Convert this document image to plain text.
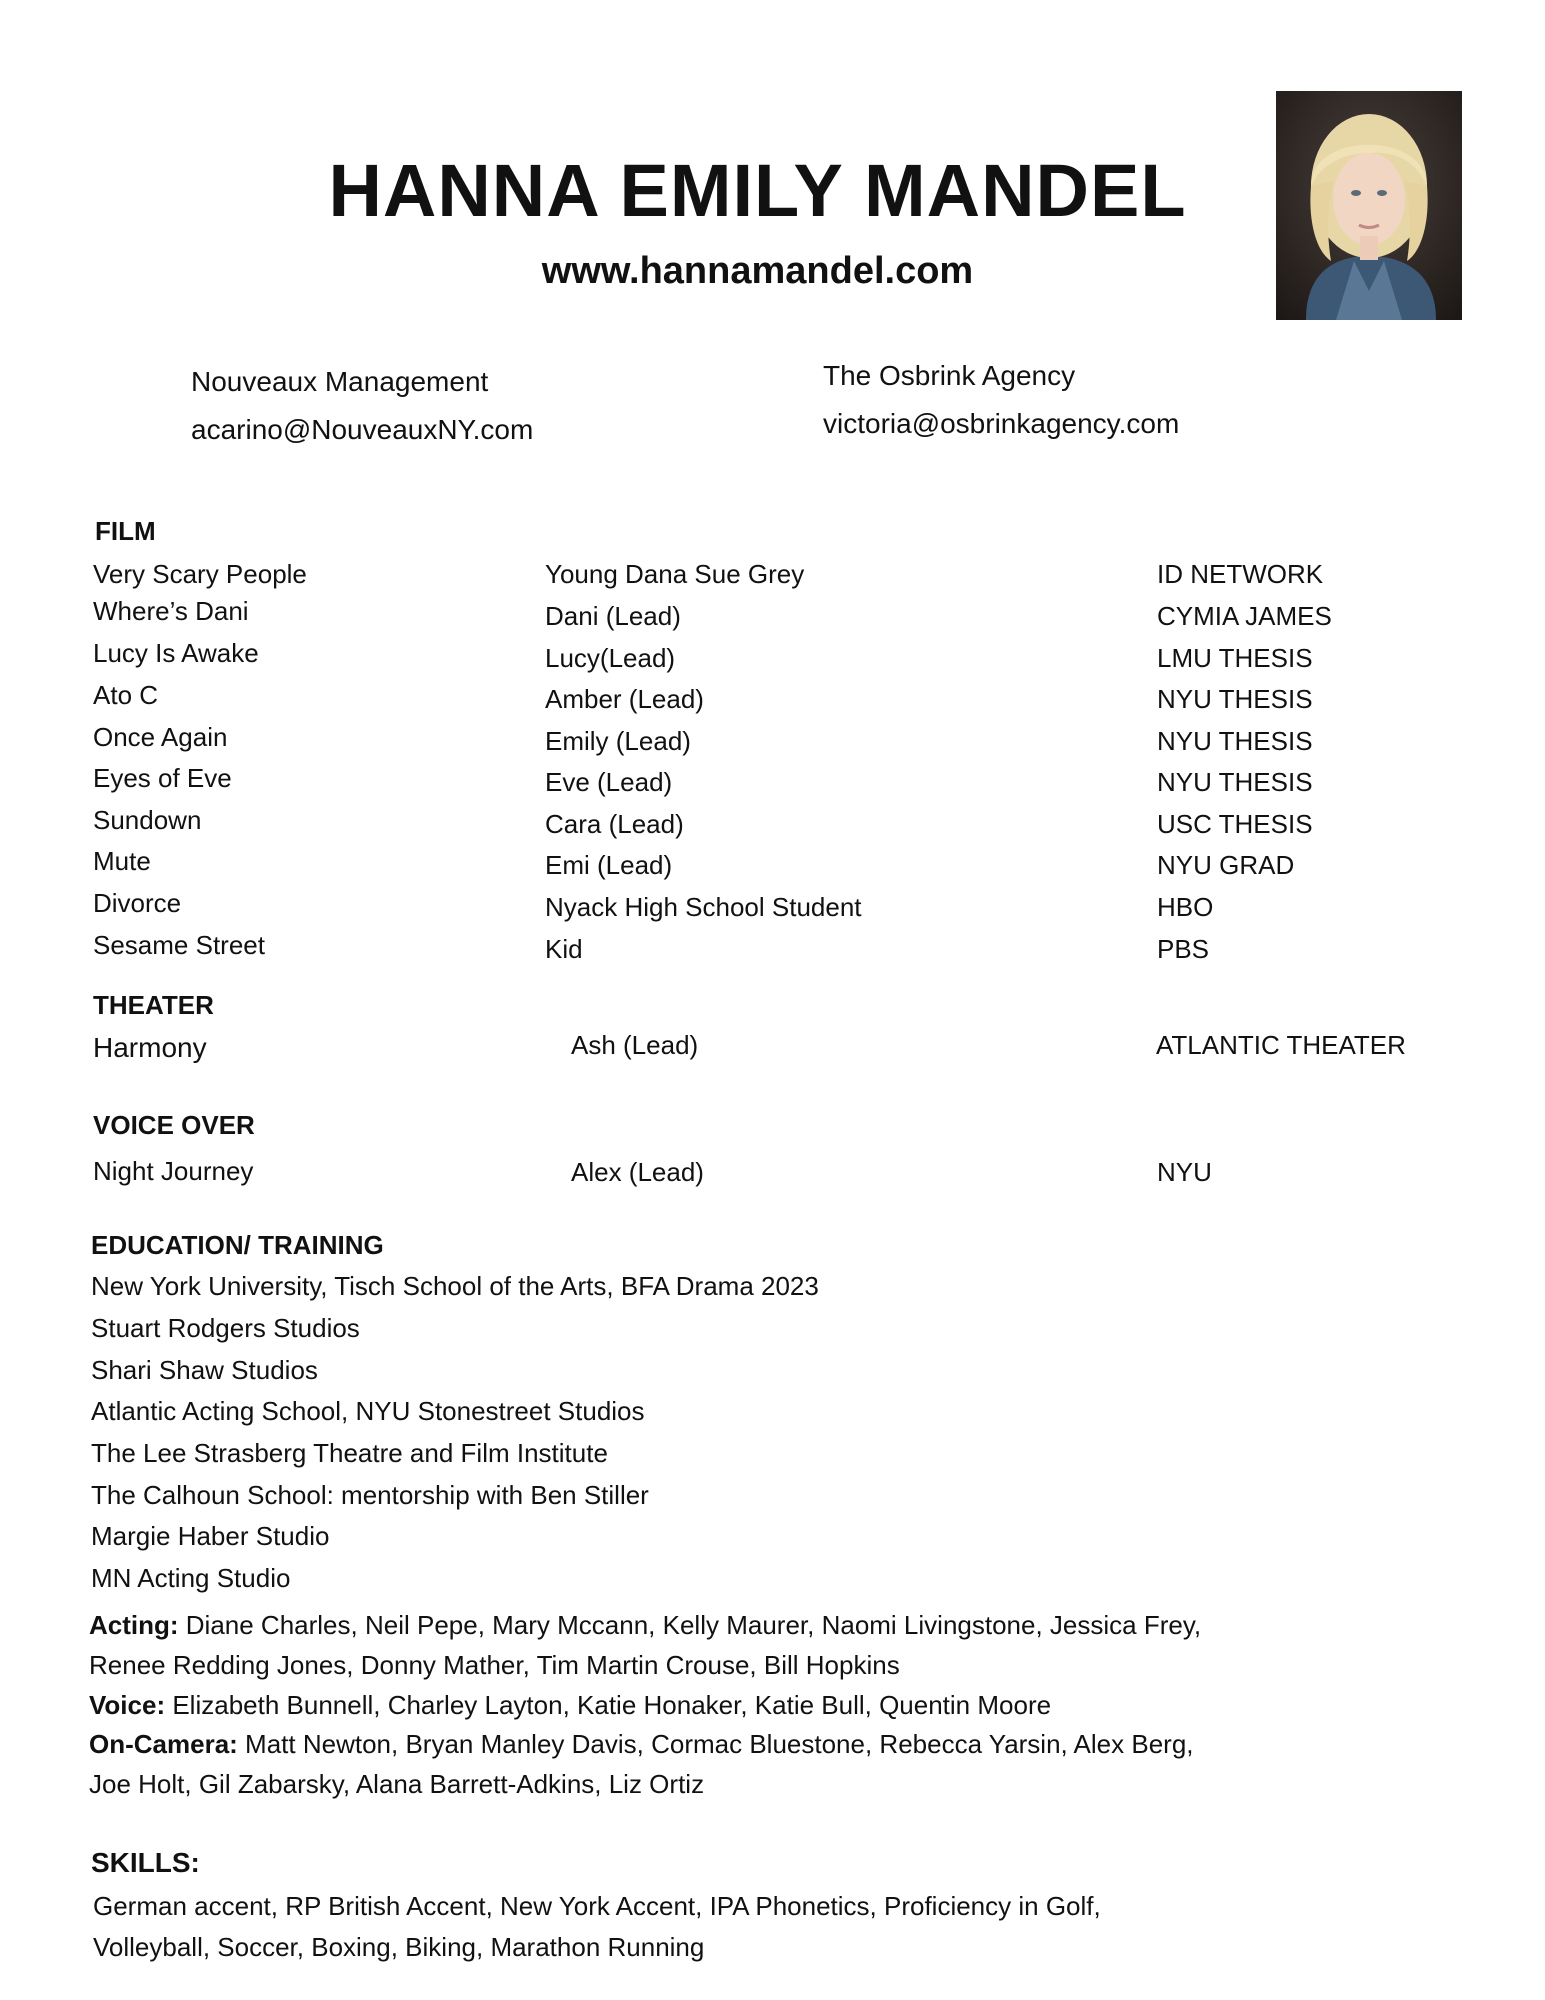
HANNA EMILY MANDEL
www.hannamandel.com
Nouveaux Management
acarino@NouveauxNY.com
The Osbrink Agency
victoria@osbrinkagency.com
FILM
Very Scary People	Young Dana Sue Grey	ID NETWORK
Where’s Dani	Dani (Lead)	CYMIA JAMES
Lucy Is Awake	Lucy(Lead)	LMU THESIS
Ato C	Amber (Lead)	NYU THESIS
Once Again	Emily (Lead)	NYU THESIS
Eyes of Eve	Eve (Lead)	NYU THESIS
Sundown	Cara (Lead)	USC THESIS
Mute	Emi (Lead)	NYU GRAD
Divorce	Nyack High School Student	HBO
Sesame Street	Kid	PBS
THEATER
Harmony	Ash (Lead)	ATLANTIC THEATER
VOICE OVER
Night Journey	Alex (Lead)	NYU
EDUCATION/ TRAINING
New York University, Tisch School of the Arts, BFA Drama 2023
Stuart Rodgers Studios
Shari Shaw Studios
Atlantic Acting School, NYU Stonestreet Studios
The Lee Strasberg Theatre and Film Institute
The Calhoun School: mentorship with Ben Stiller
Margie Haber Studio
MN Acting Studio
Acting: Diane Charles, Neil Pepe, Mary Mccann, Kelly Maurer, Naomi Livingstone, Jessica Frey,
Renee Redding Jones, Donny Mather, Tim Martin Crouse, Bill Hopkins
Voice: Elizabeth Bunnell, Charley Layton, Katie Honaker, Katie Bull, Quentin Moore
On-Camera: Matt Newton, Bryan Manley Davis, Cormac Bluestone, Rebecca Yarsin, Alex Berg,
Joe Holt, Gil Zabarsky, Alana Barrett-Adkins, Liz Ortiz
SKILLS:
German accent, RP British Accent, New York Accent, IPA Phonetics, Proficiency in Golf,
Volleyball, Soccer, Boxing, Biking, Marathon Running
